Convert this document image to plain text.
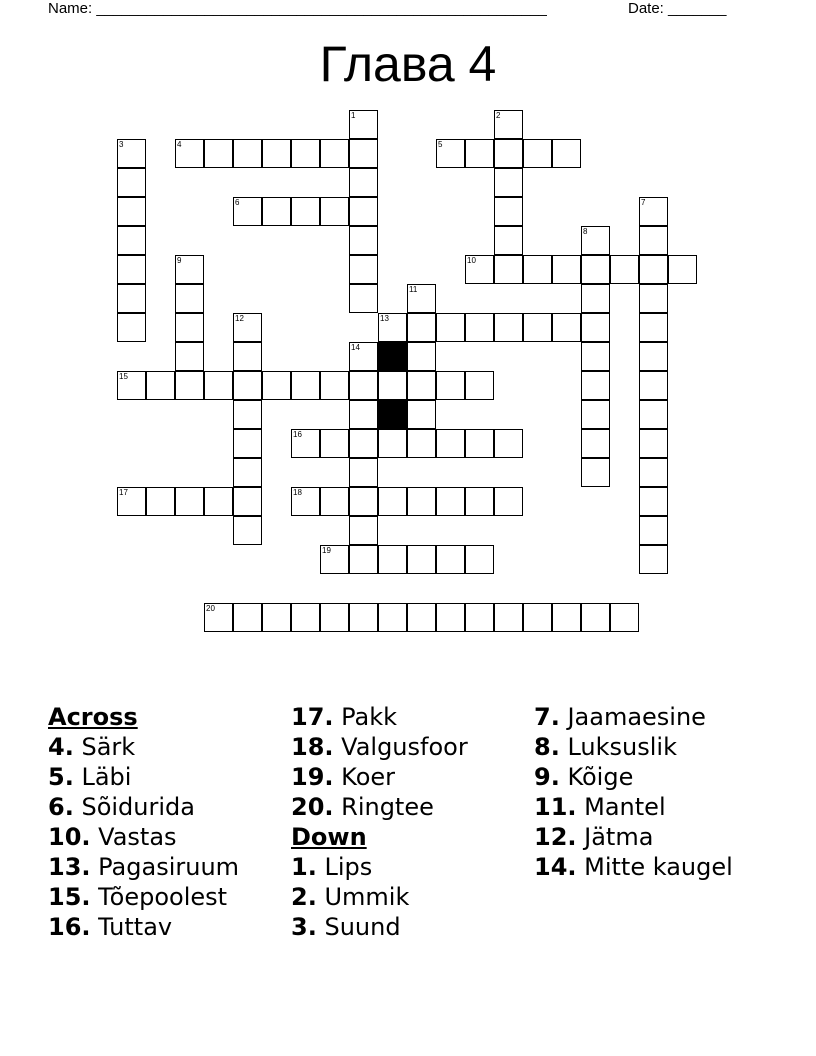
Name: ______________________________________________________	Date: _______
Глава 4
1	2
3	4	5
6	7
8
9	10
11
12	13
14
15
16
17	18
19
20
Across
4. Särk
5. Läbi
6. Sõidurida
10. Vastas
13. Pagasiruum
15. Tõepoolest
16. Tuttav
17. Pakk
18. Valgusfoor
19. Koer
20. Ringtee
Down
1. Lips
2. Ummik
3. Suund
7. Jaamaesine
8. Luksuslik
9. Kõige
11. Mantel
12. Jätma
14. Mitte kaugel
